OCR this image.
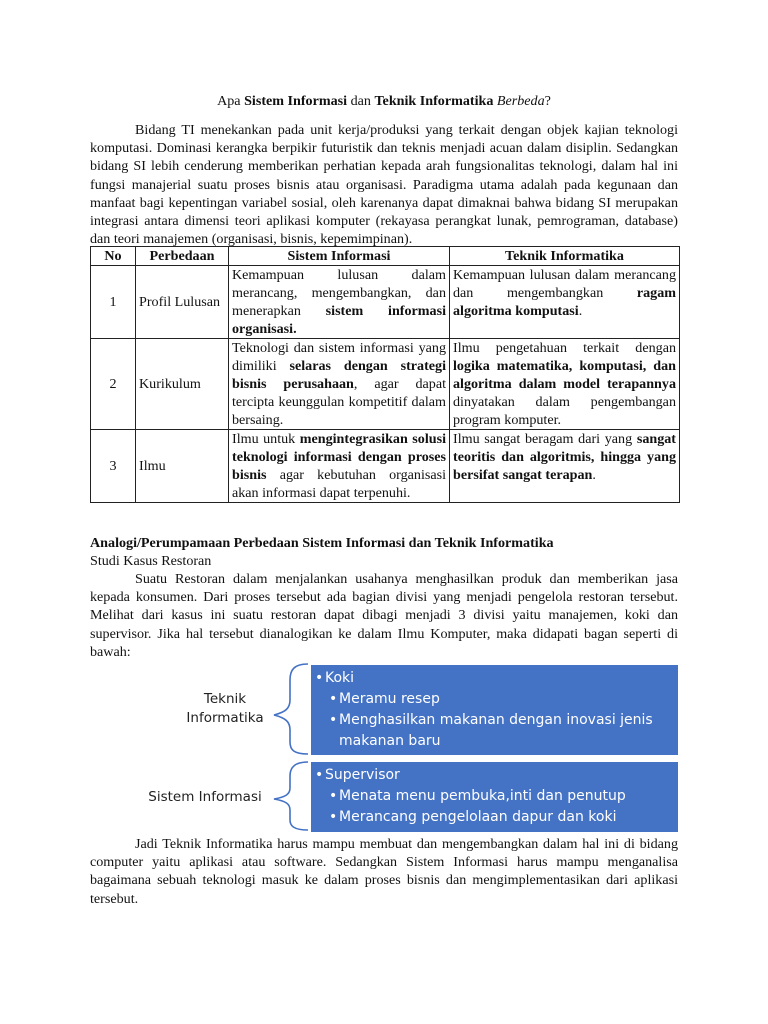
Apa Sistem Informasi dan Teknik Informatika Berbeda?

Bidang TI menekankan pada unit kerja/produksi yang terkait dengan objek kajian teknologi komputasi. Dominasi kerangka berpikir futuristik dan teknis menjadi acuan dalam disiplin. Sedangkan bidang SI lebih cenderung memberikan perhatian kepada arah fungsionalitas teknologi, dalam hal ini fungsi manajerial suatu proses bisnis atau organisasi. Paradigma utama adalah pada kegunaan dan manfaat bagi kepentingan variabel sosial, oleh karenanya dapat dimaknai bahwa bidang SI merupakan integrasi antara dimensi teori aplikasi komputer (rekayasa perangkat lunak, pemrograman, database) dan teori manajemen (organisasi, bisnis, kepemimpinan).

No	Perbedaan	Sistem Informasi	Teknik Informatika
1	Profil Lulusan	Kemampuan lulusan dalam merancang, mengembangkan, dan menerapkan sistem informasi organisasi.	Kemampuan lulusan dalam merancang dan mengembangkan ragam algoritma komputasi.
2	Kurikulum	Teknologi dan sistem informasi yang dimiliki selaras dengan strategi bisnis perusahaan, agar dapat tercipta keunggulan kompetitif dalam bersaing.	Ilmu pengetahuan terkait dengan logika matematika, komputasi, dan algoritma dalam model terapannya dinyatakan dalam pengembangan program komputer.
3	Ilmu	Ilmu untuk mengintegrasikan solusi teknologi informasi dengan proses bisnis agar kebutuhan organisasi akan informasi dapat terpenuhi.	Ilmu sangat beragam dari yang sangat teoritis dan algoritmis, hingga yang bersifat sangat terapan.
Analogi/Perumpamaan Perbedaan Sistem Informasi dan Teknik Informatika
Studi Kasus Restoran

Suatu Restoran dalam menjalankan usahanya menghasilkan produk dan memberikan jasa kepada konsumen. Dari proses tersebut ada bagian divisi yang menjadi pengelola restoran tersebut. Melihat dari kasus ini suatu restoran dapat dibagi menjadi 3 divisi yaitu manajemen, koki dan supervisor. Jika hal tersebut dianalogikan ke dalam Ilmu Komputer, maka didapati bagan seperti di bawah:

Teknik
Informatika
Sistem Informasi
• Koki
• Meramu resep
• Menghasilkan makanan dengan inovasi jenis makanan baru
• Supervisor
• Menata menu pembuka,inti dan penutup
• Merancang pengelolaan dapur dan koki

Jadi Teknik Informatika harus mampu membuat dan mengembangkan dalam hal ini di bidang computer yaitu aplikasi atau software. Sedangkan Sistem Informasi harus mampu menganalisa bagaimana sebuah teknologi masuk ke dalam proses bisnis dan mengimplementasikan dari aplikasi tersebut.
